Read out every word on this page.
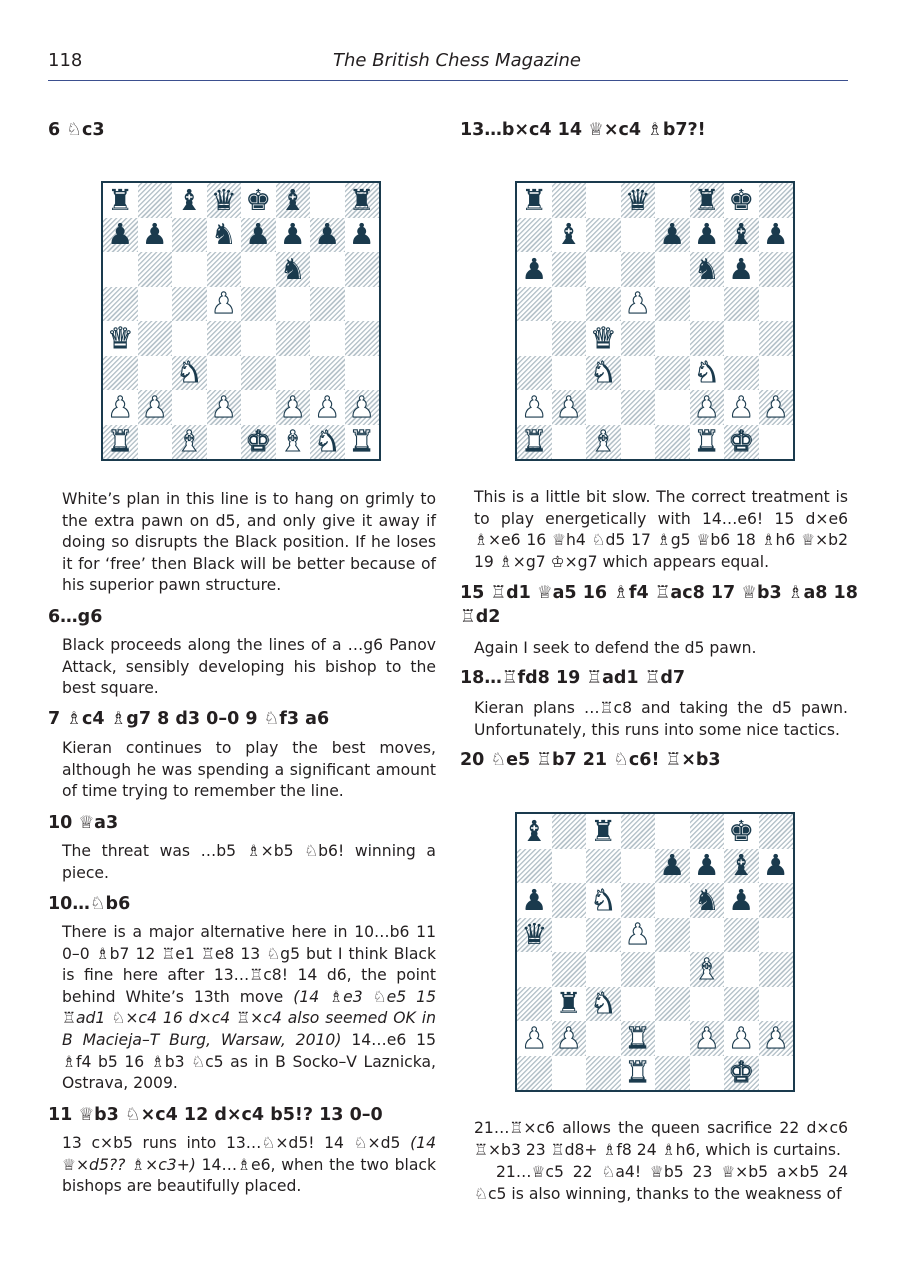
118	The British Chess Magazine
6 ♘c3
♜ ♝ ♛ ♚ ♝ ♜
♟ ♟ ♞ ♟ ♟ ♟ ♟
♞
♟
♛
♞
♟ ♟ ♟ ♟ ♟ ♟
♜ ♝ ♚ ♝ ♞ ♜
White’s plan in this line is to hang on grimly to the extra pawn on d5, and only give it away if doing so disrupts the Black position. If he loses it for ‘free’ then Black will be better because of his superior pawn structure.
6…g6
Black proceeds along the lines of a …g6 Panov Attack, sensibly developing his bishop to the best square.
7 ♗c4 ♗g7 8 d3 0–0 9 ♘f3 a6
Kieran continues to play the best moves, although he was spending a significant amount of time trying to remember the line.
10 ♕a3
The threat was …b5 ♗×b5 ♘b6! winning a piece.
10…♘b6
There is a major alternative here in 10…b6 11 0–0 ♗b7 12 ♖e1 ♖e8 13 ♘g5 but I think Black is fine here after 13…♖c8! 14 d6, the point behind White’s 13th move (14 ♗e3 ♘e5 15 ♖ad1 ♘×c4 16 d×c4 ♖×c4 also seemed OK in B Macieja–T Burg, Warsaw, 2010) 14…e6 15 ♗f4 b5 16 ♗b3 ♘c5 as in B Socko–V Laznicka, Ostrava, 2009.
11 ♕b3 ♘×c4 12 d×c4 b5!? 13 0–0
13 c×b5 runs into 13…♘×d5! 14 ♘×d5 (14 ♕×d5?? ♗×c3+) 14…♗e6, when the two black bishops are beautifully placed.
13…b×c4 14 ♕×c4 ♗b7?!
♜	♛ ♜ ♚
♝	♟ ♟ ♝ ♟
♟	♞ ♟
♟
♛
♞	♞
♟ ♟	♟ ♟ ♟
♜ ♝	♜ ♚
This is a little bit slow. The correct treatment is to play energetically with 14…e6! 15 d×e6 ♗×e6 16 ♕h4 ♘d5 17 ♗g5 ♕b6 18 ♗h6 ♕×b2 19 ♗×g7 ♔×g7 which appears equal.
15 ♖d1 ♕a5 16 ♗f4 ♖ac8 17 ♕b3 ♗a8 18
♖d2
Again I seek to defend the d5 pawn.
18…♖fd8 19 ♖ad1 ♖d7
Kieran plans …♖c8 and taking the d5 pawn. Unfortunately, this runs into some nice tactics.
20 ♘e5 ♖b7 21 ♘c6! ♖×b3
♝ ♜	♚
♟ ♟ ♝ ♟
♟ ♞	♞ ♟
♛	♟
♝
♜ ♞
♟ ♟ ♜ ♟ ♟ ♟
♜	♚
21…♖×c6 allows the queen sacrifice 22 d×c6 ♖×b3 23 ♖d8+ ♗f8 24 ♗h6, which is curtains.
21…♕c5 22 ♘a4! ♕b5 23 ♕×b5 a×b5 24 ♘c5 is also winning, thanks to the weakness of
